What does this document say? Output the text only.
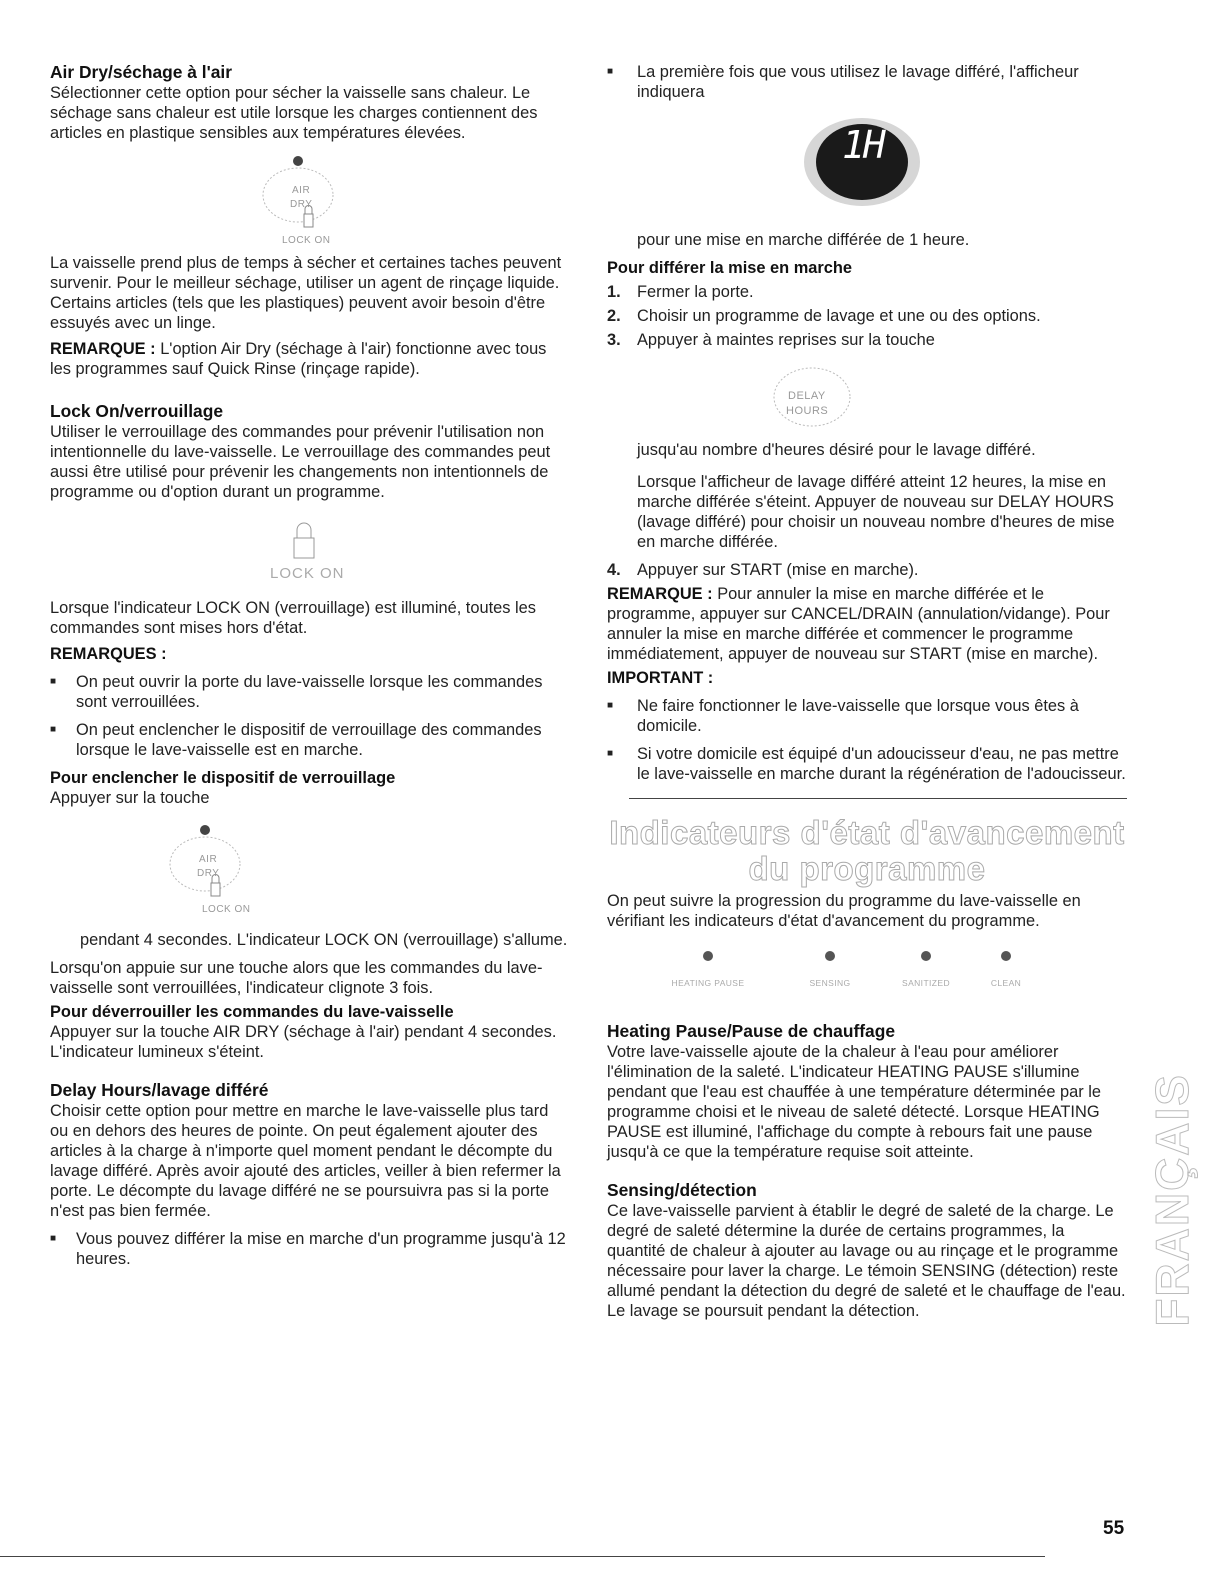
Air Dry/séchage à l'air

Sélectionner cette option pour sécher la vaisselle sans chaleur. Le séchage sans chaleur est utile lorsque les charges contiennent des articles en plastique sensibles aux températures élevées.

AIR
DRY
LOCK ON

La vaisselle prend plus de temps à sécher et certaines taches peuvent survenir. Pour le meilleur séchage, utiliser un agent de rinçage liquide. Certains articles (tels que les plastiques) peuvent avoir besoin d'être essuyés avec un linge.

REMARQUE : L'option Air Dry (séchage à l'air) fonctionne avec tous les programmes sauf Quick Rinse (rinçage rapide).

Lock On/verrouillage

Utiliser le verrouillage des commandes pour prévenir l'utilisation non intentionnelle du lave-vaisselle. Le verrouillage des commandes peut aussi être utilisé pour prévenir les changements non intentionnels de programme ou d'option durant un programme.

LOCK ON

Lorsque l'indicateur LOCK ON (verrouillage) est illuminé, toutes les commandes sont mises hors d'état.

REMARQUES :
■	On peut ouvrir la porte du lave-vaisselle lorsque les commandes sont verrouillées.
■	On peut enclencher le dispositif de verrouillage des commandes lorsque le lave-vaisselle est en marche.
Pour enclencher le dispositif de verrouillage

Appuyer sur la touche

AIR
DRY
LOCK ON

pendant 4 secondes. L'indicateur LOCK ON (verrouillage) s'allume.

Lorsqu'on appuie sur une touche alors que les commandes du lave-vaisselle sont verrouillées, l'indicateur clignote 3 fois.

Pour déverrouiller les commandes du lave-vaisselle

Appuyer sur la touche AIR DRY (séchage à l'air) pendant 4 secondes. L'indicateur lumineux s'éteint.

Delay Hours/lavage différé

Choisir cette option pour mettre en marche le lave-vaisselle plus tard ou en dehors des heures de pointe. On peut également ajouter des articles à la charge à n'importe quel moment pendant le décompte du lavage différé. Après avoir ajouté des articles, veiller à bien refermer la porte. Le décompte du lavage différé ne se poursuivra pas si la porte n'est pas bien fermée.

■	Vous pouvez différer la mise en marche d'un programme jusqu'à 12 heures.
■	La première fois que vous utilisez le lavage différé, l'afficheur indiquera
1H

pour une mise en marche différée de 1 heure.

Pour différer la mise en marche
1. Fermer la porte.
2. Choisir un programme de lavage et une ou des options.
3. Appuyer à maintes reprises sur la touche
DELAY
HOURS

jusqu'au nombre d'heures désiré pour le lavage différé.

Lorsque l'afficheur de lavage différé atteint 12 heures, la mise en marche différée s'éteint. Appuyer de nouveau sur DELAY HOURS (lavage différé) pour choisir un nouveau nombre d'heures de mise en marche différée.

4. Appuyer sur START (mise en marche).

REMARQUE : Pour annuler la mise en marche différée et le programme, appuyer sur CANCEL/DRAIN (annulation/vidange). Pour annuler la mise en marche différée et commencer le programme immédiatement, appuyer de nouveau sur START (mise en marche).

IMPORTANT :
■	Ne faire fonctionner le lave-vaisselle que lorsque vous êtes à domicile.
■	Si votre domicile est équipé d'un adoucisseur d'eau, ne pas mettre le lave-vaisselle en marche durant la régénération de l'adoucisseur.
Indicateurs d'état d'avancement
du programme

On peut suivre la progression du programme du lave-vaisselle en vérifiant les indicateurs d'état d'avancement du programme.

HEATING PAUSE	SENSING	SANITIZED	CLEAN
Heating Pause/Pause de chauffage

Votre lave-vaisselle ajoute de la chaleur à l'eau pour améliorer l'élimination de la saleté. L'indicateur HEATING PAUSE s'illumine pendant que l'eau est chauffée à une température déterminée par le programme choisi et le niveau de saleté détecté. Lorsque HEATING PAUSE est illuminé, l'affichage du compte à rebours fait une pause jusqu'à ce que la température requise soit atteinte.

Sensing/détection

Ce lave-vaisselle parvient à établir le degré de saleté de la charge. Le degré de saleté détermine la durée de certains programmes, la quantité de chaleur à ajouter au lavage ou au rinçage et le programme nécessaire pour laver la charge. Le témoin SENSING (détection) reste allumé pendant la détection du degré de saleté et le chauffage de l'eau. Le lavage se poursuit pendant la détection.	FRANÇAIS
55
